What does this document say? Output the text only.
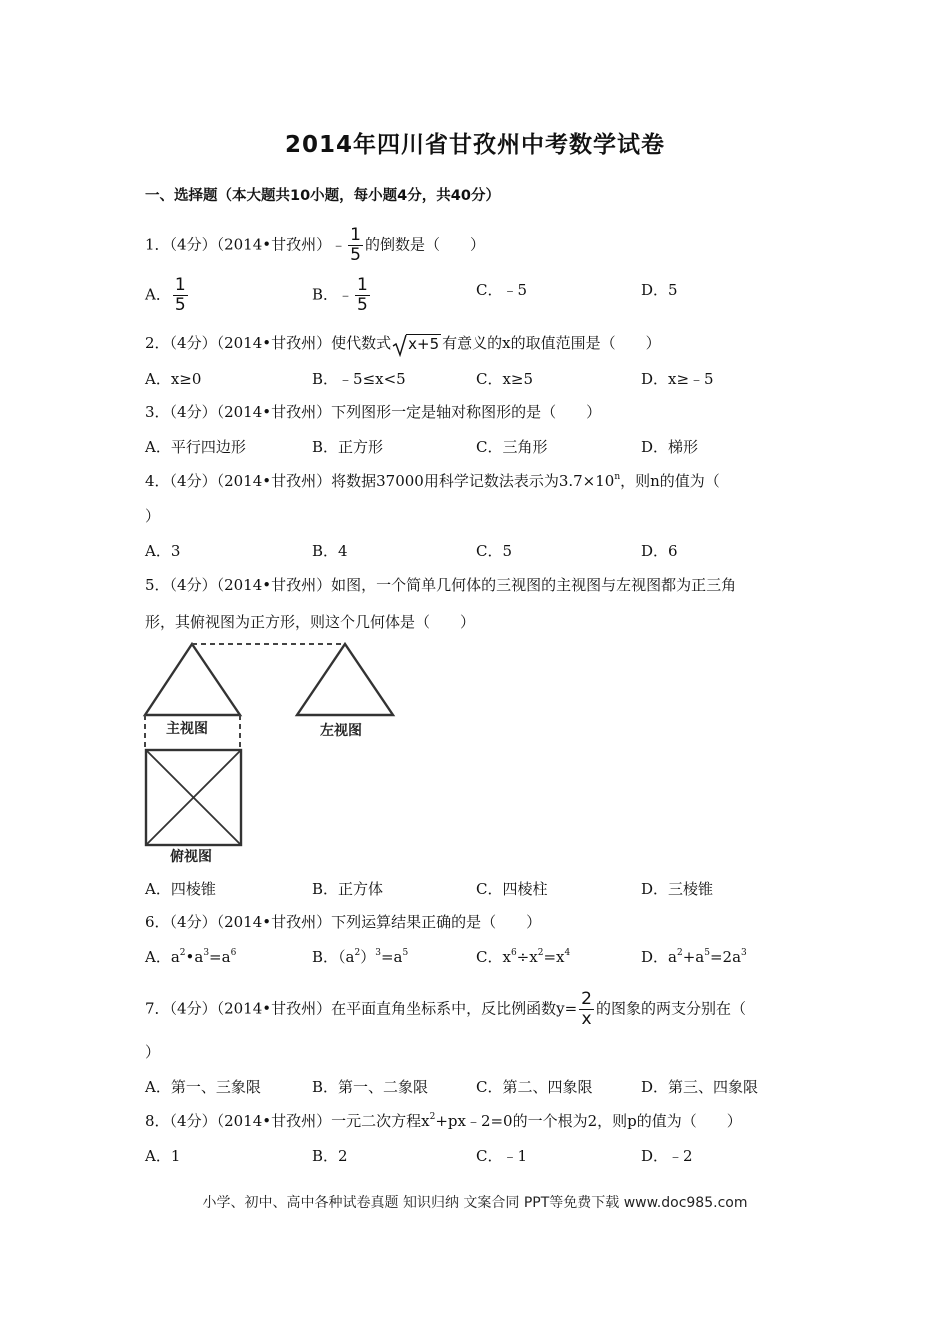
2014年四川省甘孜州中考数学试卷
一、选择题（本大题共10小题，每小题4分，共40分）
1．（4分）（2014•甘孜州）﹣ $\frac{1}{5}$ 的倒数是（　　）
A． $\frac{1}{5}$	B．﹣ $\frac{1}{5}$	C．﹣5	D．5
2．（4分）（2014•甘孜州）使代数式 x+5 有意义的x的取值范围是（　　）
A．x≥0	B．﹣5≤x<5	C．x≥5	D．x≥﹣5
3．（4分）（2014•甘孜州）下列图形一定是轴对称图形的是（　　）
A．平行四边形	B．正方形	C．三角形	D．梯形
4．（4分）（2014•甘孜州）将数据37000用科学记数法表示为$3.7\times 10^n$，则n的值为（
）
A．3	B．4	C．5	D．6
5．（4分）（2014•甘孜州）如图，一个简单几何体的三视图的主视图与左视图都为正三角
形，其俯视图为正方形，则这个几何体是（　　）
主视图	左视图
俯视图
A．四棱锥	B．正方体	C．四棱柱	D．三棱锥
6．（4分）（2014•甘孜州）下列运算结果正确的是（　　）
A．$a^2•a^3=a^6$	B．$(a^2)^3=a^5$	C．$x^6\div x^2=x^4$	D．$a^2+a^5=2a^3$
7．（4分）（2014•甘孜州）在平面直角坐标系中，反比例函数$y= \frac{2}{x}$ 的图象的两支分别在（
）
A．第一、三象限	B．第一、二象限	C．第二、四象限	D．第三、四象限
8．（4分）（2014•甘孜州）一元二次方程$x^2+px﹣2=0$的一个根为2，则p的值为（　　）
A．1	B．2	C．﹣1	D．﹣2
小学、初中、高中各种试卷真题 知识归纳 文案合同 PPT等免费下载 www.doc985.com
